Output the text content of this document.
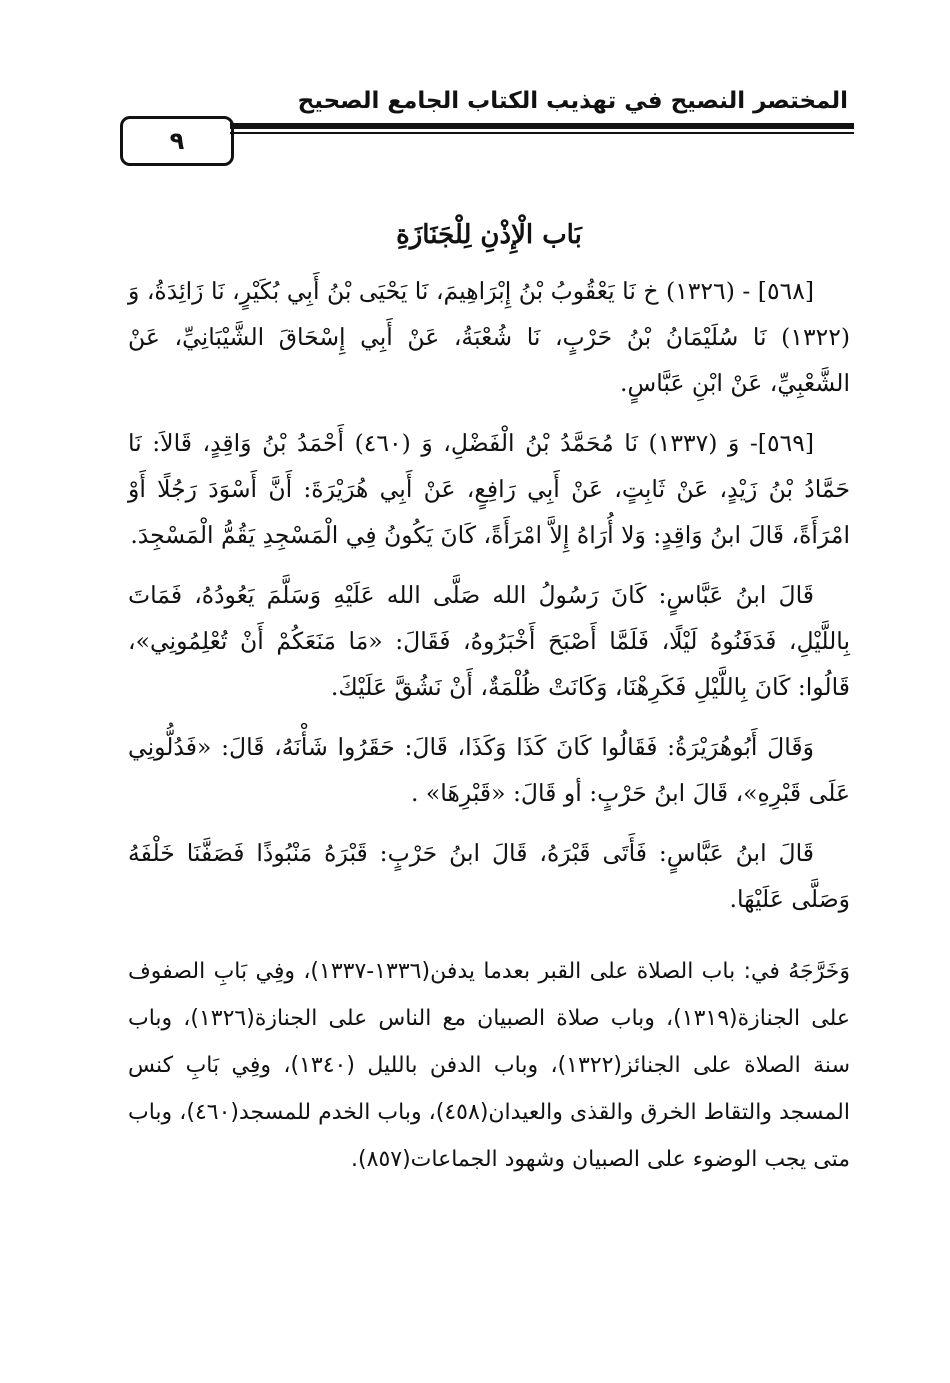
المختصر النصيح في تهذيب الكتاب الجامع الصحيح
٩
بَاب الْإِذْنِ لِلْجَنَازَةِ

[٥٦٨] - (١٣٢٦) خ نَا يَعْقُوبُ بْنُ إِبْرَاهِيمَ، نَا يَحْيَى بْنُ أَبِي بُكَيْرٍ، نَا زَائِدَةُ، وَ (١٣٢٢) نَا سُلَيْمَانُ بْنُ حَرْبٍ، نَا شُعْبَةُ، عَنْ أَبِي إِسْحَاقَ الشَّيْبَانِيِّ، عَنْ الشَّعْبِيِّ، عَنْ ابْنِ عَبَّاسٍ.

[٥٦٩]- وَ (١٣٣٧) نَا مُحَمَّدُ بْنُ الْفَضْلِ، وَ (٤٦٠) أَحْمَدُ بْنُ وَاقِدٍ، قَالاَ: نَا حَمَّادُ بْنُ زَيْدٍ، عَنْ ثَابِتٍ، عَنْ أَبِي رَافِعٍ، عَنْ أَبِي هُرَيْرَةَ: أَنَّ أَسْوَدَ رَجُلًا أَوْ امْرَأَةً، قَالَ ابنُ وَاقِدٍ: وَلا أُرَاهُ إِلاَّ امْرَأَةً، كَانَ يَكُونُ فِي الْمَسْجِدِ يَقُمُّ الْمَسْجِدَ.

قَالَ ابنُ عَبَّاسٍ: كَانَ رَسُولُ الله صَلَّى الله عَلَيْهِ وَسَلَّمَ يَعُودُهُ، فَمَاتَ بِاللَّيْلِ، فَدَفَنُوهُ لَيْلًا، فَلَمَّا أَصْبَحَ أَخْبَرُوهُ، فَقَالَ: «مَا مَنَعَكُمْ أَنْ تُعْلِمُونِي»، قَالُوا: كَانَ بِاللَّيْلِ فَكَرِهْنَا، وَكَانَتْ ظُلْمَةٌ، أَنْ نَشُقَّ عَلَيْكَ.

وَقَالَ أَبُوهُرَيْرَةُ: فَقَالُوا كَانَ كَذَا وَكَذَا، قَالَ: حَقَرُوا شَأْنَهُ، قَالَ: «فَدُلُّونِي عَلَى قَبْرِهِ»، قَالَ ابنُ حَرْبٍ: أو قَالَ: «قَبْرِهَا» .

قَالَ ابنُ عَبَّاسٍ: فَأَتَى قَبْرَهُ، قَالَ ابنُ حَرْبٍ: قَبْرَهُ مَنْبُوذًا فَصَفَّنَا خَلْفَهُ وَصَلَّى عَلَيْهَا.

وَخَرَّجَهُ في: باب الصلاة على القبر بعدما يدفن(١٣٣٦-١٣٣٧)، وفِي بَابِ الصفوف على الجنازة(١٣١٩)، وباب صلاة الصبيان مع الناس على الجنازة(١٣٢٦)، وباب سنة الصلاة على الجنائز(١٣٢٢)، وباب الدفن بالليل (١٣٤٠)، وفِي بَابِ كنس المسجد والتقاط الخرق والقذى والعيدان(٤٥٨)، وباب الخدم للمسجد(٤٦٠)، وباب متى يجب الوضوء على الصبيان وشهود الجماعات(٨٥٧).
